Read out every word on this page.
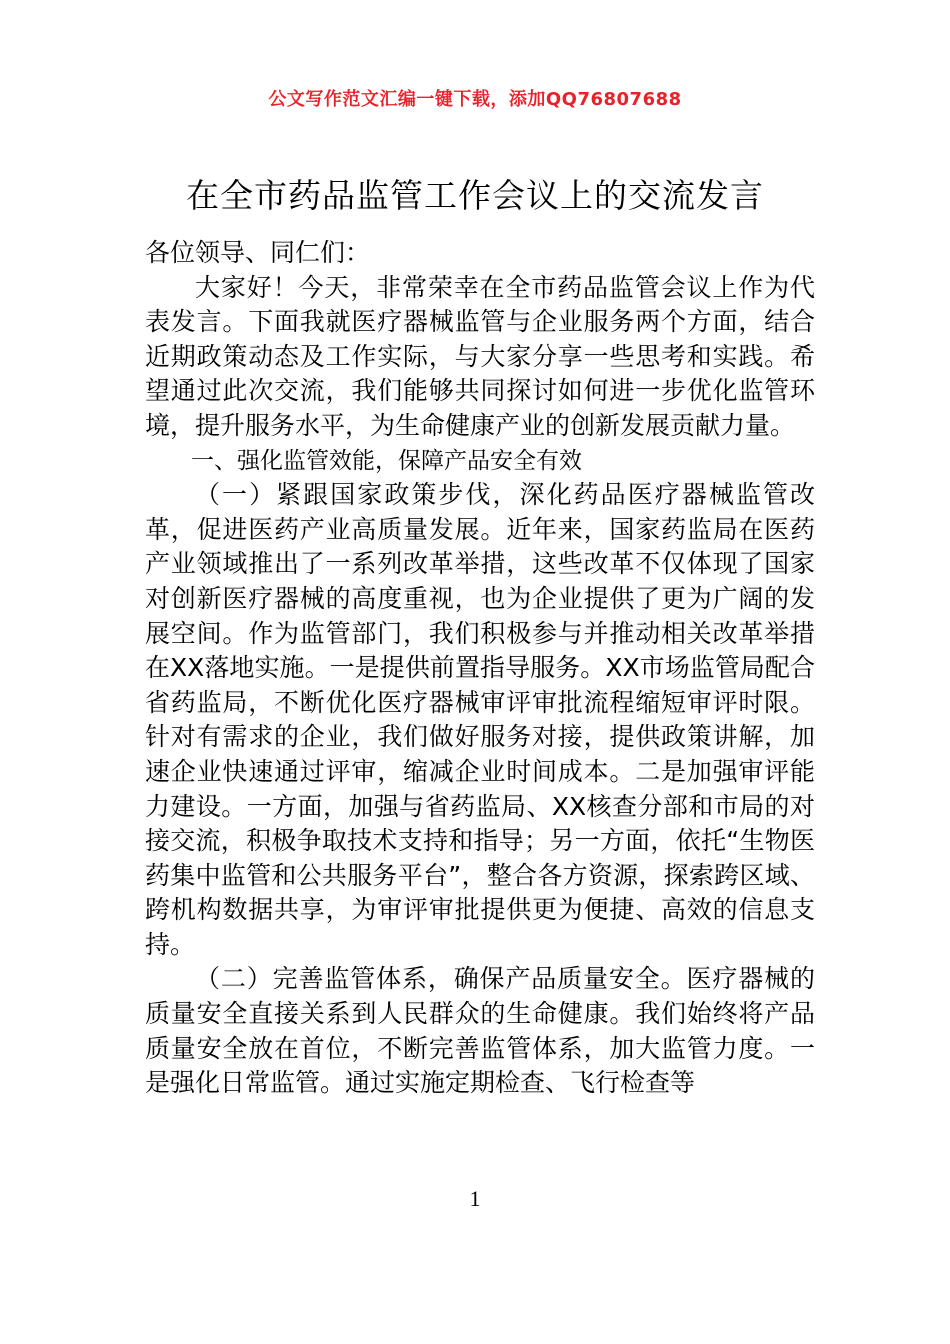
公文写作范文汇编一键下载，添加QQ76807688
在全市药品监管工作会议上的交流发言

各位领导、同仁们：

大家好！今天，非常荣幸在全市药品监管会议上作为代表发言。下面我就医疗器械监管与企业服务两个方面，结合近期政策动态及工作实际，与大家分享一些思考和实践。希望通过此次交流，我们能够共同探讨如何进一步优化监管环境，提升服务水平，为生命健康产业的创新发展贡献力量。

一、强化监管效能，保障产品安全有效

（一）紧跟国家政策步伐，深化药品医疗器械监管改革，促进医药产业高质量发展。近年来，国家药监局在医药产业领域推出了一系列改革举措，这些改革不仅体现了国家对创新医疗器械的高度重视，也为企业提供了更为广阔的发展空间。作为监管部门，我们积极参与并推动相关改革举措在XX落地实施。一是提供前置指导服务。XX市场监管局配合省药监局，不断优化医疗器械审评审批流程缩短审评时限。针对有需求的企业，我们做好服务对接，提供政策讲解，加速企业快速通过评审，缩减企业时间成本。二是加强审评能力建设。一方面，加强与省药监局、XX核查分部和市局的对接交流，积极争取技术支持和指导；另一方面，依托“生物医药集中监管和公共服务平台”，整合各方资源，探索跨区域、跨机构数据共享，为审评审批提供更为便捷、高效的信息支持。

（二）完善监管体系，确保产品质量安全。医疗器械的质量安全直接关系到人民群众的生命健康。我们始终将产品质量安全放在首位，不断完善监管体系，加大监管力度。一是强化日常监管。通过实施定期检查、飞行检查等

1
